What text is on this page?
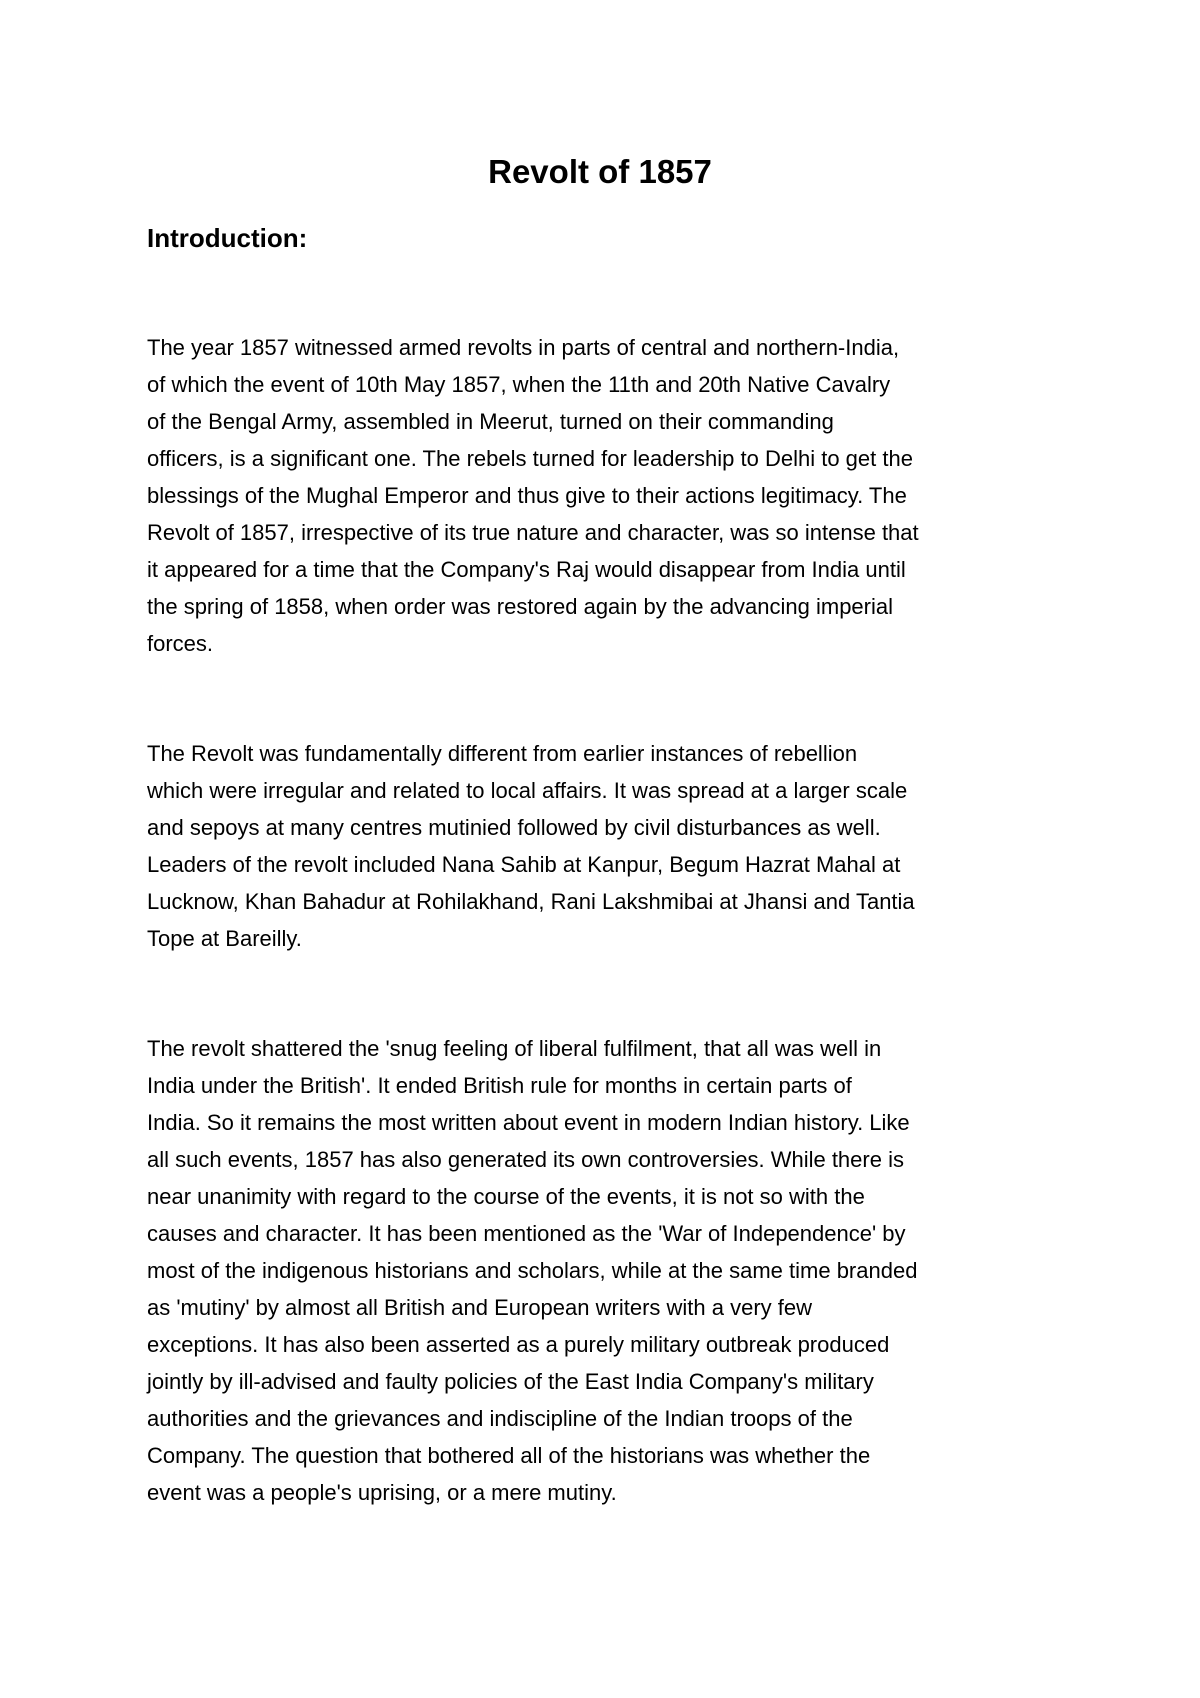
Revolt of 1857
Introduction:

The year 1857 witnessed armed revolts in parts of central and northern-India,
of which the event of 10th May 1857, when the 11th and 20th Native Cavalry
of the Bengal Army, assembled in Meerut, turned on their commanding
officers, is a significant one. The rebels turned for leadership to Delhi to get the
blessings of the Mughal Emperor and thus give to their actions legitimacy. The
Revolt of 1857, irrespective of its true nature and character, was so intense that
it appeared for a time that the Company's Raj would disappear from India until
the spring of 1858, when order was restored again by the advancing imperial
forces.

The Revolt was fundamentally different from earlier instances of rebellion
which were irregular and related to local affairs. It was spread at a larger scale
and sepoys at many centres mutinied followed by civil disturbances as well.
Leaders of the revolt included Nana Sahib at Kanpur, Begum Hazrat Mahal at
Lucknow, Khan Bahadur at Rohilakhand, Rani Lakshmibai at Jhansi and Tantia
Tope at Bareilly.

The revolt shattered the 'snug feeling of liberal fulfilment, that all was well in
India under the British'. It ended British rule for months in certain parts of
India. So it remains the most written about event in modern Indian history. Like
all such events, 1857 has also generated its own controversies. While there is
near unanimity with regard to the course of the events, it is not so with the
causes and character. It has been mentioned as the 'War of Independence' by
most of the indigenous historians and scholars, while at the same time branded
as 'mutiny' by almost all British and European writers with a very few
exceptions. It has also been asserted as a purely military outbreak produced
jointly by ill-advised and faulty policies of the East India Company's military
authorities and the grievances and indiscipline of the Indian troops of the
Company. The question that bothered all of the historians was whether the
event was a people's uprising, or a mere mutiny.
